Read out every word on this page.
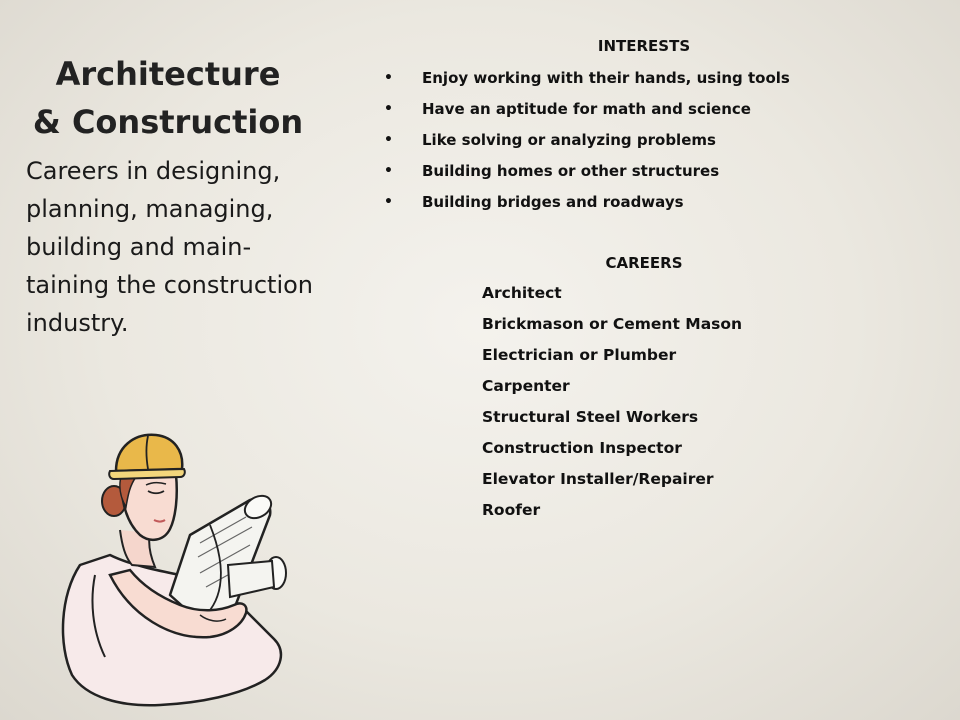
Architecture
& Construction

Careers in designing,
planning, managing,
building and main-
taining the construction
industry.

INTERESTS
• Enjoy working with their hands, using tools
• Have an aptitude for math and science
• Like solving or analyzing problems
• Building homes or other structures
• Building bridges and roadways
CAREERS
Architect
Brickmason or Cement Mason
Electrician or Plumber
Carpenter
Structural Steel Workers
Construction Inspector
Elevator Installer/Repairer
Roofer
